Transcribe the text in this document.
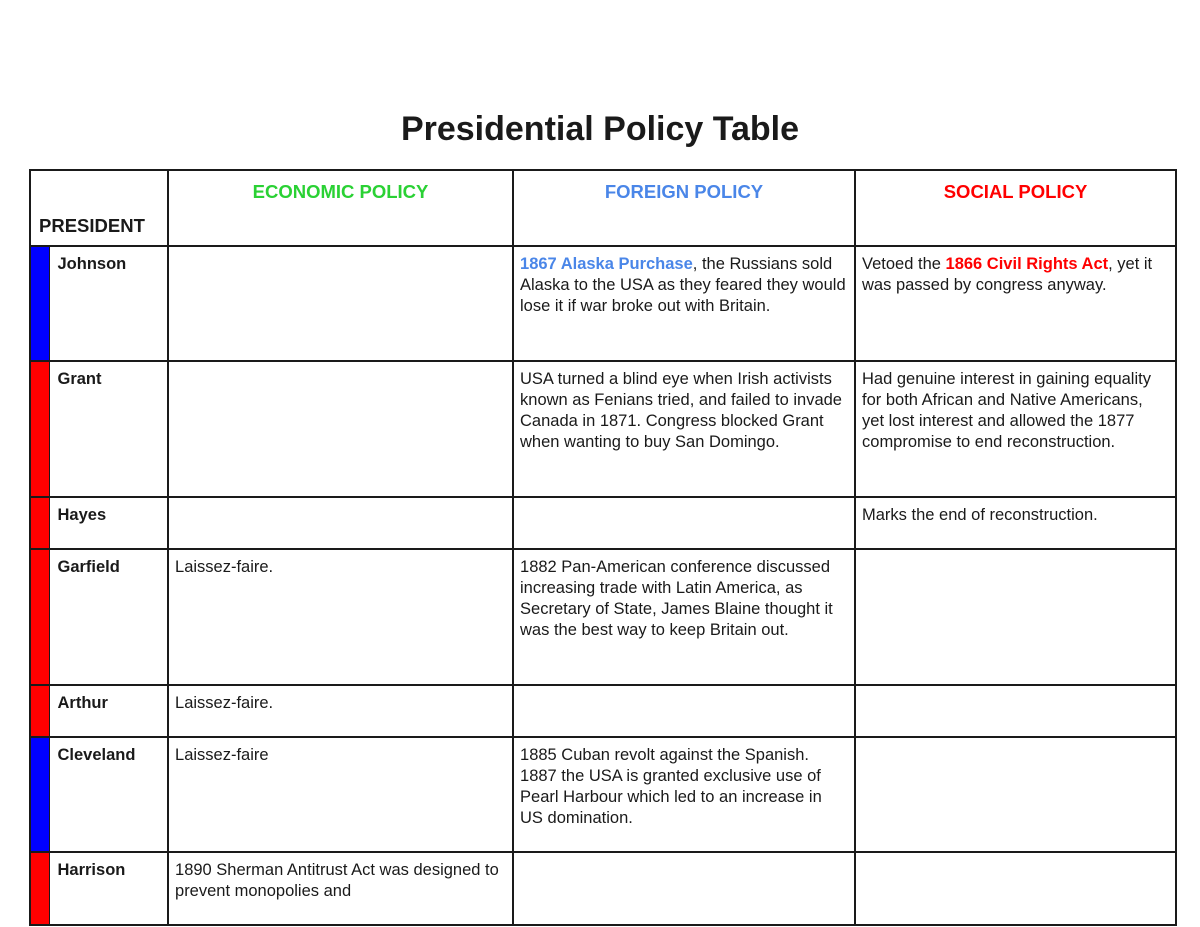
Presidential Policy Table
PRESIDENT		ECONOMIC POLICY	FOREIGN POLICY	SOCIAL POLICY

	Johnson		1867 Alaska Purchase, the Russians sold Alaska to the USA as they feared they would lose it if war broke out with Britain.	Vetoed the 1866 Civil Rights Act, yet it was passed by congress anyway.

	Grant		USA turned a blind eye when Irish activists known as Fenians tried, and failed to invade Canada in 1871. Congress blocked Grant when wanting to buy San Domingo.	Had genuine interest in gaining equality for both African and Native Americans, yet lost interest and allowed the 1877 compromise to end reconstruction.

	Hayes			Marks the end of reconstruction.

	Garfield	Laissez-faire.	1882 Pan-American conference discussed increasing trade with Latin America, as Secretary of State, James Blaine thought it was the best way to keep Britain out.	

	Arthur	Laissez-faire.		

	Cleveland	Laissez-faire	1885 Cuban revolt against the Spanish. 1887 the USA is granted exclusive use of Pearl Harbour which led to an increase in US domination.	

	Harrison	1890 Sherman Antitrust Act was designed to prevent monopolies and		
